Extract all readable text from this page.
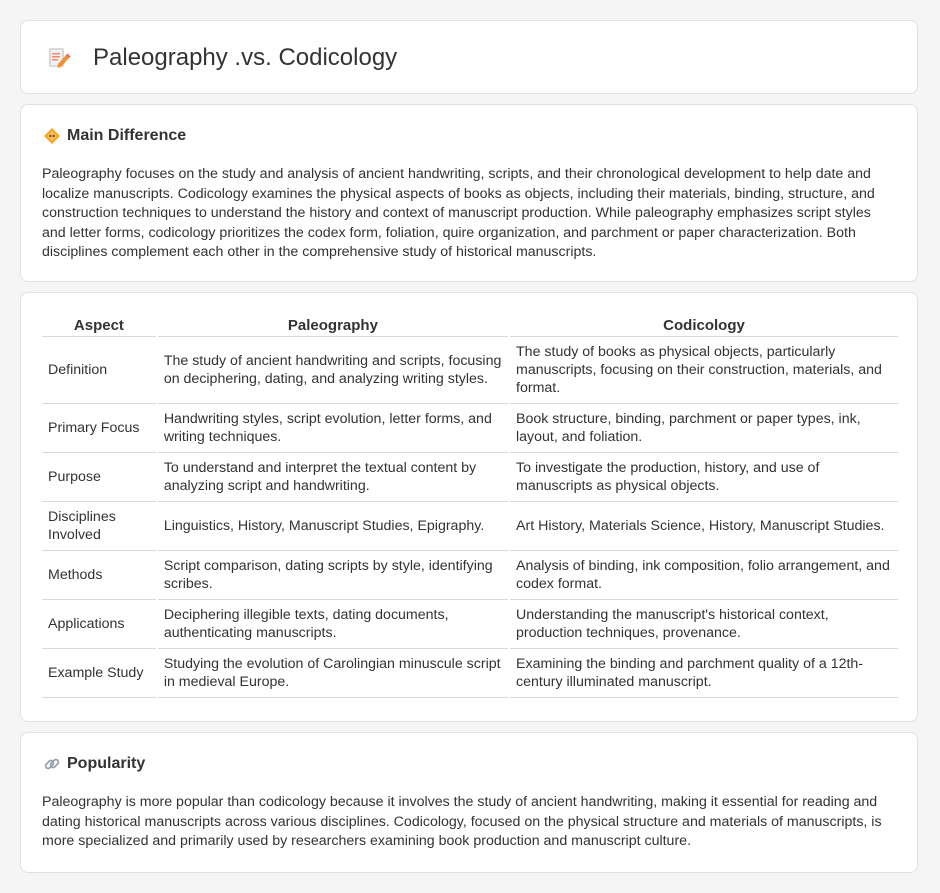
Paleography .vs. Codicology
Main Difference

Paleography focuses on the study and analysis of ancient handwriting, scripts, and their chronological development to help date and localize manuscripts. Codicology examines the physical aspects of books as objects, including their materials, binding, structure, and construction techniques to understand the history and context of manuscript production. While paleography emphasizes script styles and letter forms, codicology prioritizes the codex form, foliation, quire organization, and parchment or paper characterization. Both disciplines complement each other in the comprehensive study of historical manuscripts.

Aspect	Paleography	Codicology
Definition	The study of ancient handwriting and scripts, focusing on deciphering, dating, and analyzing writing styles.	The study of books as physical objects, particularly manuscripts, focusing on their construction, materials, and format.
Primary Focus	Handwriting styles, script evolution, letter forms, and writing techniques.	Book structure, binding, parchment or paper types, ink, layout, and foliation.
Purpose	To understand and interpret the textual content by analyzing script and handwriting.	To investigate the production, history, and use of manuscripts as physical objects.
Disciplines Involved	Linguistics, History, Manuscript Studies, Epigraphy.	Art History, Materials Science, History, Manuscript Studies.
Methods	Script comparison, dating scripts by style, identifying scribes.	Analysis of binding, ink composition, folio arrangement, and codex format.
Applications	Deciphering illegible texts, dating documents, authenticating manuscripts.	Understanding the manuscript's historical context, production techniques, provenance.
Example Study	Studying the evolution of Carolingian minuscule script in medieval Europe.	Examining the binding and parchment quality of a 12th-century illuminated manuscript.
Popularity

Paleography is more popular than codicology because it involves the study of ancient handwriting, making it essential for reading and dating historical manuscripts across various disciplines. Codicology, focused on the physical structure and materials of manuscripts, is more specialized and primarily used by researchers examining book production and manuscript culture.
